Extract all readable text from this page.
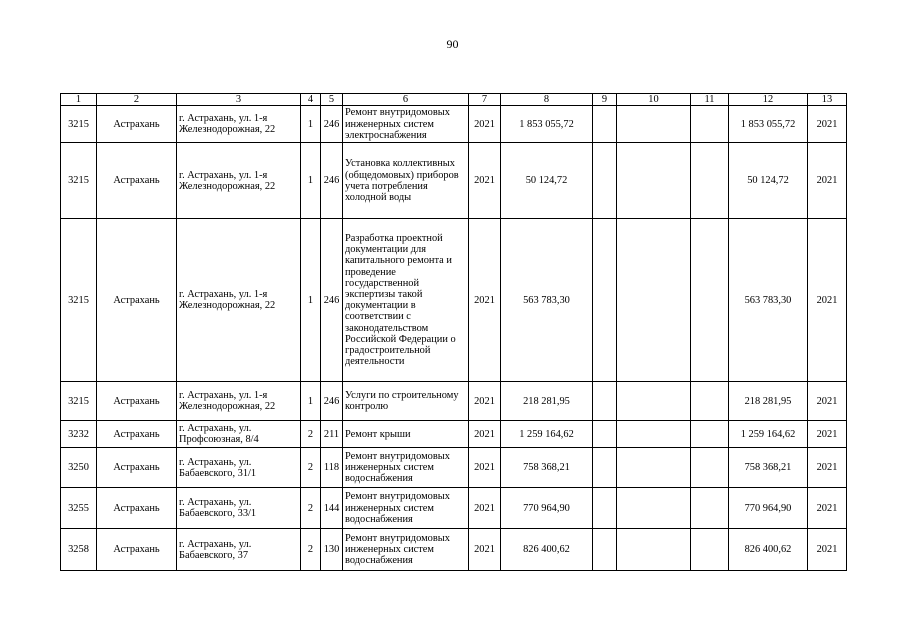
90
1	2	3	4	5	6	7	8	9	10	11	12	13
3215	Астрахань	г. Астрахань, ул. 1-я Железнодорожная, 22	1	246	Ремонт внутридомовых инженерных систем электроснабжения	2021	1 853 055,72				1 853 055,72	2021
3215	Астрахань	г. Астрахань, ул. 1-я Железнодорожная, 22	1	246	Установка коллективных (общедомовых) приборов учета потребления холодной воды	2021	50 124,72				50 124,72	2021
3215	Астрахань	г. Астрахань, ул. 1-я Железнодорожная, 22	1	246	Разработка проектной документации для капитального ремонта и проведение государственной экспертизы такой документации в соответствии с законодательством Российской Федерации о градостроительной деятельности	2021	563 783,30				563 783,30	2021
3215	Астрахань	г. Астрахань, ул. 1-я Железнодорожная, 22	1	246	Услуги по строительному контролю	2021	218 281,95				218 281,95	2021
3232	Астрахань	г. Астрахань, ул. Профсоюзная, 8/4	2	211	Ремонт крыши	2021	1 259 164,62				1 259 164,62	2021
3250	Астрахань	г. Астрахань, ул. Бабаевского, 31/1	2	118	Ремонт внутридомовых инженерных систем водоснабжения	2021	758 368,21				758 368,21	2021
3255	Астрахань	г. Астрахань, ул. Бабаевского, 33/1	2	144	Ремонт внутридомовых инженерных систем водоснабжения	2021	770 964,90				770 964,90	2021
3258	Астрахань	г. Астрахань, ул. Бабаевского, 37	2	130	Ремонт внутридомовых инженерных систем водоснабжения	2021	826 400,62				826 400,62	2021
